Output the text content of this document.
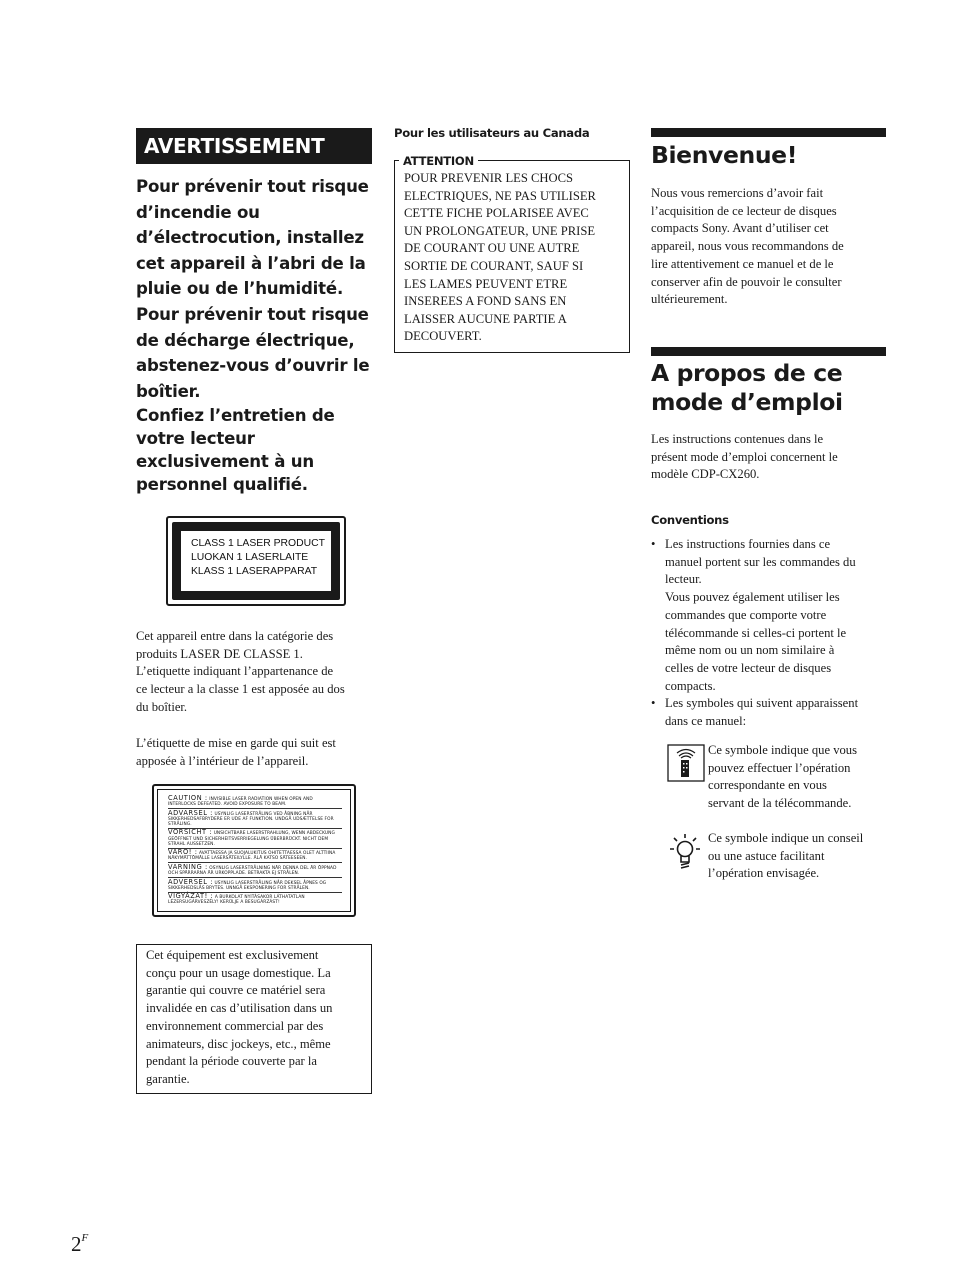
AVERTISSEMENT
Pour prévenir tout risque
d’incendie ou
d’électrocution, installez
cet appareil à l’abri de la
pluie ou de l’humidité.
Pour prévenir tout risque
de décharge électrique,
abstenez-vous d’ouvrir le
boîtier.
Confiez l’entretien de
votre lecteur
exclusivement à un
personnel qualifié.
CLASS 1 LASER PRODUCT
LUOKAN 1 LASERLAITE
KLASS 1 LASERAPPARAT
Cet appareil entre dans la catégorie des
produits LASER DE CLASSE 1.
L’etiquette indiquant l’appartenance de
ce lecteur a la classe 1 est apposée au dos
du boîtier.
L’étiquette de mise en garde qui suit est
apposée à l’intérieur de l’appareil.
CAUTION : INVISIBLE LASER RADIATION WHEN OPEN AND INTERLOCKS DEFEATED. AVOID EXPOSURE TO BEAM.
ADVARSEL : USYNLIG LASERSTRÅLING VED ÅBNING NÅR SIKKERHEDSAFBRYDERE ER UDE AF FUNKTION. UNDGÅ UDSÆTTELSE FOR STRÅLING.
VORSICHT : UNSICHTBARE LASERSTRAHLUNG, WENN ABDECKUNG GEÖFFNET UND SICHERHEITSVERRIEGELUNG ÜBERBRÜCKT. NICHT DEM STRAHL AUSSETZEN.
VARO! : AVATTAESSA JA SUOJALUKITUS OHITETTAESSA OLET ALTTIINA NÄKYMÄTTÖMÄLLE LASERSÄTEILYLLE. ÄLÄ KATSO SÄTEESEEN.
VARNING : OSYNLIG LASERSTRÅLNING NÄR DENNA DEL ÄR ÖPPNAD OCH SPÄRRARNA ÄR URKOPPLADE. BETRAKTA EJ STRÅLEN.
ADVERSEL : USYNLIG LASERSTRÅLING NÅR DEKSEL ÅPNES OG SIKKERHEDSLÅS BRYTES. UNNGÅ EKSPONERING FOR STRÅLEN.
VIGYÁZAT! : A BURKOLAT NYITÁSAKOR LÁTHATATLAN LÉZERSUGÁRVESZÉLY! KERÜLJE A BESUGÁRZÁST!
Cet équipement est exclusivement
conçu pour un usage domestique. La
garantie qui couvre ce matériel sera
invalidée en cas d’utilisation dans un
environnement commercial par des
animateurs, disc jockeys, etc., même
pendant la période couverte par la
garantie.
Pour les utilisateurs au Canada
ATTENTION
POUR PREVENIR LES CHOCS
ELECTRIQUES, NE PAS UTILISER
CETTE FICHE POLARISEE AVEC
UN PROLONGATEUR, UNE PRISE
DE COURANT OU UNE AUTRE
SORTIE DE COURANT, SAUF SI
LES LAMES PEUVENT ETRE
INSEREES A FOND SANS EN
LAISSER AUCUNE PARTIE A
DECOUVERT.
Bienvenue!
Nous vous remercions d’avoir fait
l’acquisition de ce lecteur de disques
compacts Sony. Avant d’utiliser cet
appareil, nous vous recommandons de
lire attentivement ce manuel et de le
conserver afin de pouvoir le consulter
ultérieurement.
A propos de ce
mode d’emploi
Les instructions contenues dans le
présent mode d’emploi concernent le
modèle CDP-CX260.
Conventions
• Les instructions fournies dans ce
manuel portent sur les commandes du
lecteur.
Vous pouvez également utiliser les
commandes que comporte votre
télécommande si celles-ci portent le
même nom ou un nom similaire à
celles de votre lecteur de disques
compacts.
• Les symboles qui suivent apparaissent
dans ce manuel:
Ce symbole indique que vous
pouvez effectuer l’opération
correspondante en vous
servant de la télécommande.
Ce symbole indique un conseil
ou une astuce facilitant
l’opération envisagée.
$2^F$
